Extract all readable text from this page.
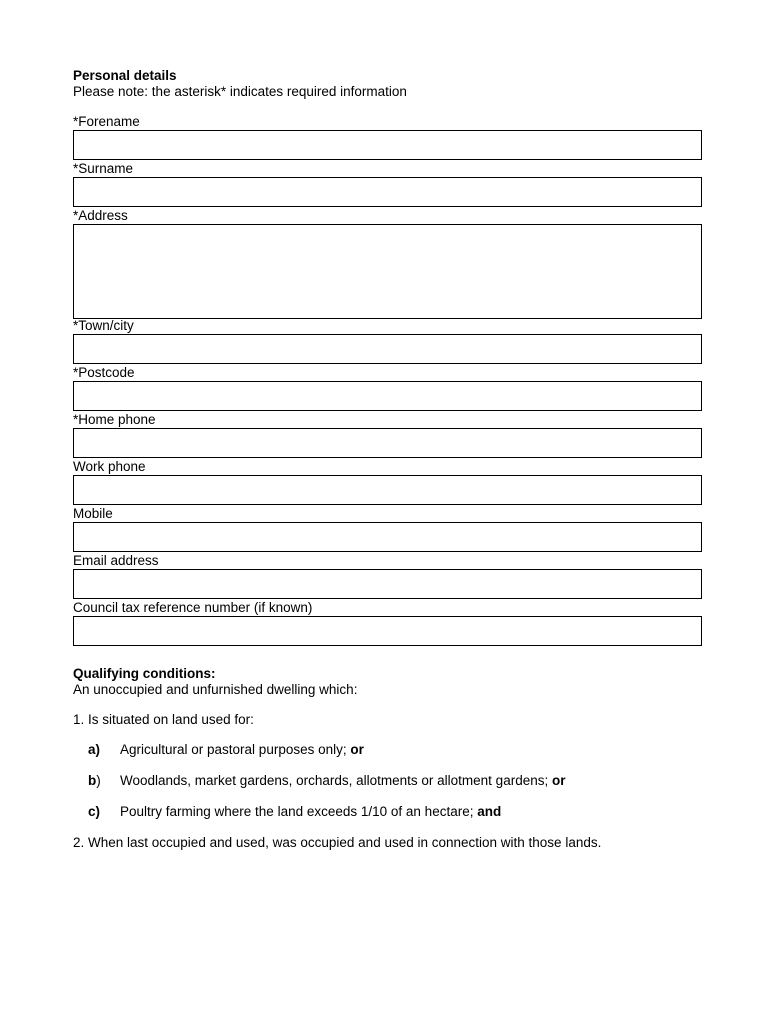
Personal details
Please note: the asterisk* indicates required information
*Forename
*Surname
*Address
*Town/city
*Postcode
*Home phone
Work phone
Mobile
Email address
Council tax reference number (if known)
Qualifying conditions:
An unoccupied and unfurnished dwelling which:
1. Is situated on land used for:
a) Agricultural or pastoral purposes only; or
b) Woodlands, market gardens, orchards, allotments or allotment gardens; or
c) Poultry farming where the land exceeds 1/10 of an hectare; and
2. When last occupied and used, was occupied and used in connection with those lands.
